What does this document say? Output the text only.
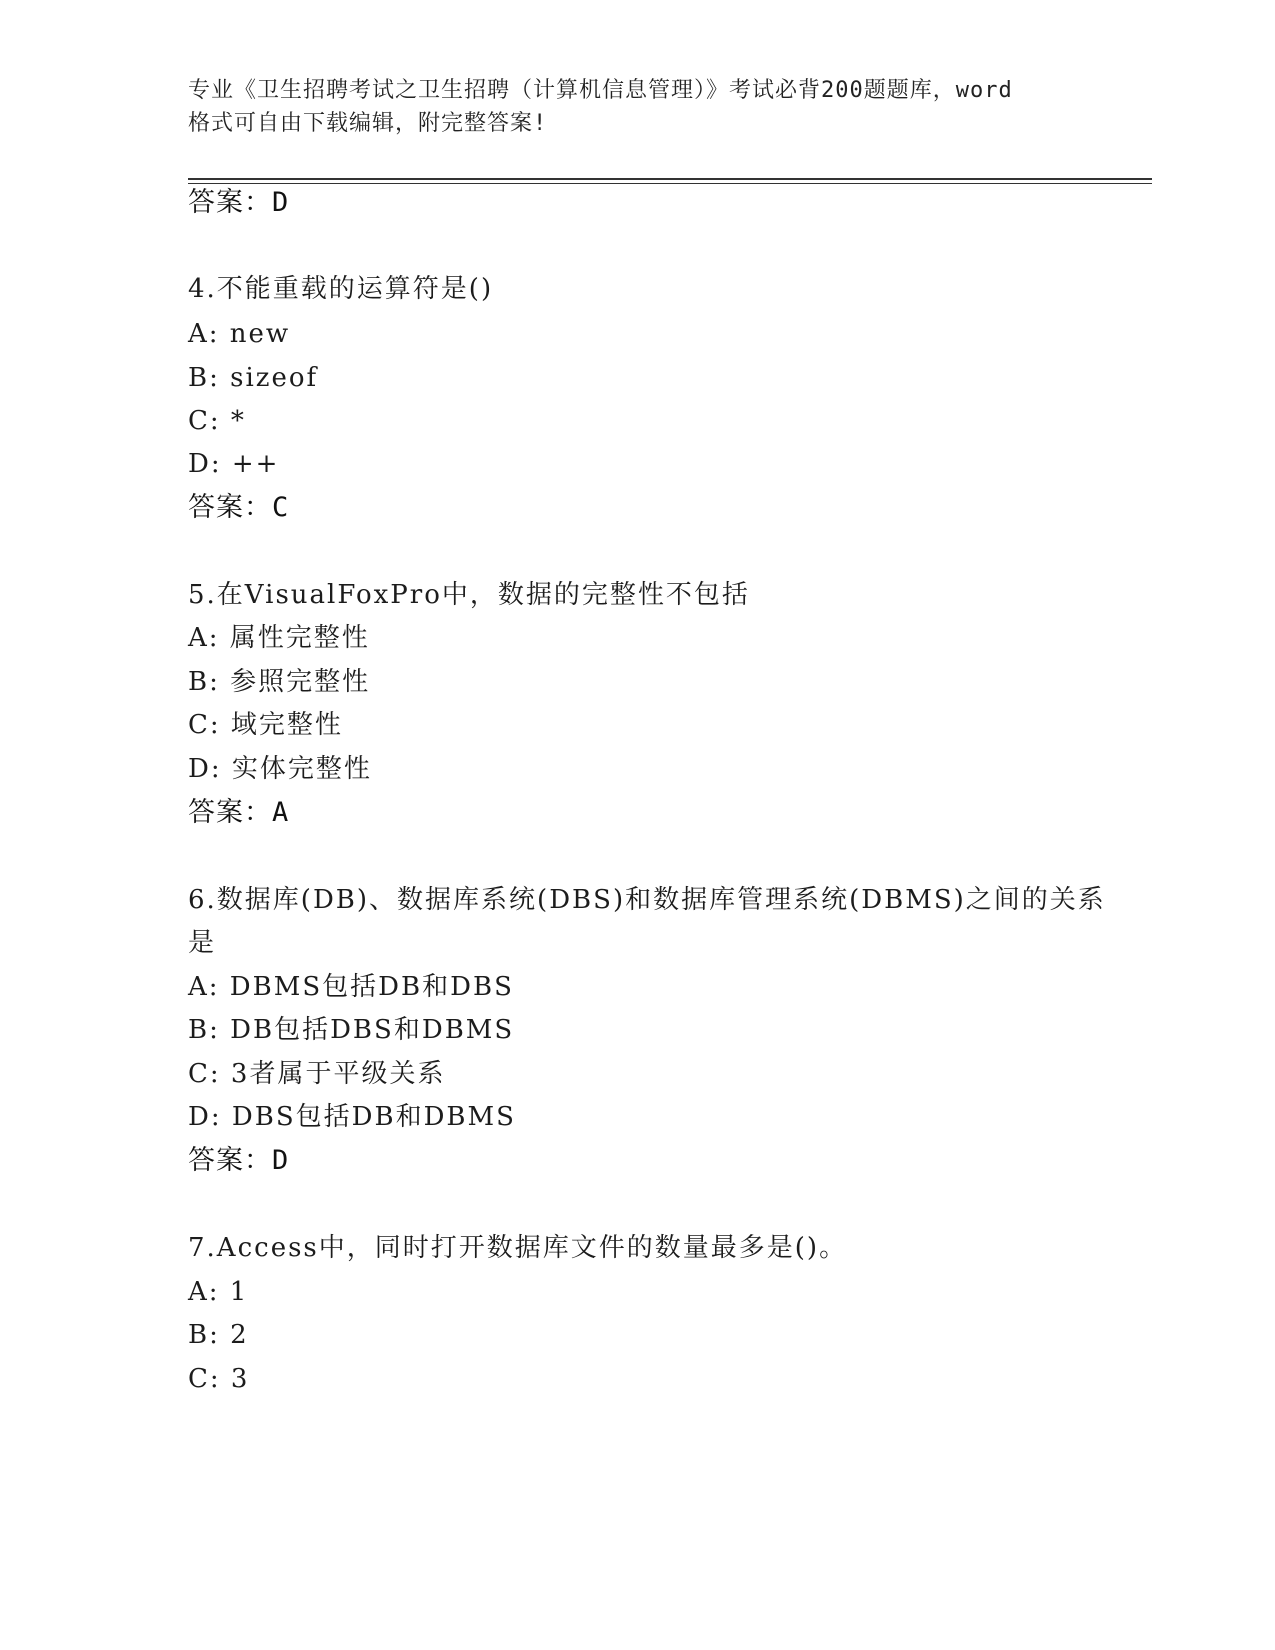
专业《卫生招聘考试之卫生招聘（计算机信息管理）》考试必背200题题库，word
格式可自由下载编辑，附完整答案!
答案：D
4.不能重载的运算符是()
A: new
B: sizeof
C: *
D: ++
答案：C
5.在VisualFoxPro中，数据的完整性不包括
A: 属性完整性
B: 参照完整性
C: 域完整性
D: 实体完整性
答案：A
6.数据库(DB)、数据库系统(DBS)和数据库管理系统(DBMS)之间的关系
是
A: DBMS包括DB和DBS
B: DB包括DBS和DBMS
C: 3者属于平级关系
D: DBS包括DB和DBMS
答案：D
7.Access中，同时打开数据库文件的数量最多是()。
A: 1
B: 2
C: 3
